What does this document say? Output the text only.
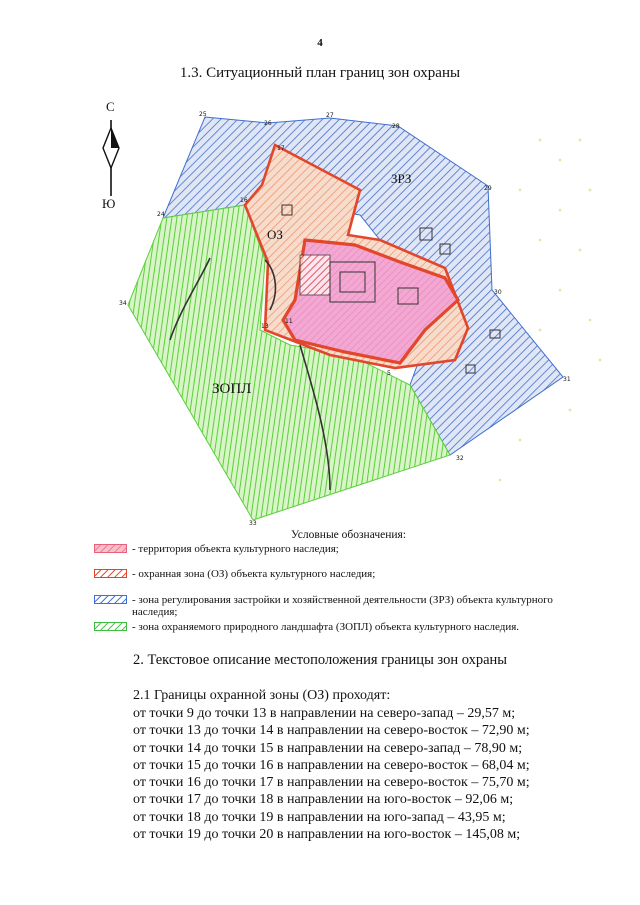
4
1.3. Ситуационный план границ зон охраны
С
Ю
25
26
27
28
29
30
31
32
33
34
24
16
17
13
11
5
ОЗ
ЗРЗ
ЗОПЛ
Условные обозначения:
- территория объекта культурного наследия;
- охранная зона (ОЗ) объекта культурного наследия;
- зона регулирования застройки и хозяйственной деятельности (ЗРЗ) объекта культурного наследия;
- зона охраняемого природного ландшафта (ЗОПЛ) объекта культурного наследия.
2. Текстовое описание местоположения границы зон охраны
2.1 Границы охранной зоны (ОЗ) проходят:
от точки 9 до точки 13 в направлении на северо-запад – 29,57 м;
от точки 13 до точки 14 в направлении на северо-восток – 72,90 м;
от точки 14 до точки 15 в направлении на северо-запад – 78,90 м;
от точки 15 до точки 16 в направлении на северо-восток – 68,04 м;
от точки 16 до точки 17 в направлении на северо-восток – 75,70 м;
от точки 17 до точки 18 в направлении на юго-восток – 92,06 м;
от точки 18 до точки 19 в направлении на юго-запад – 43,95 м;
от точки 19 до точки 20 в направлении на юго-восток – 145,08 м;
